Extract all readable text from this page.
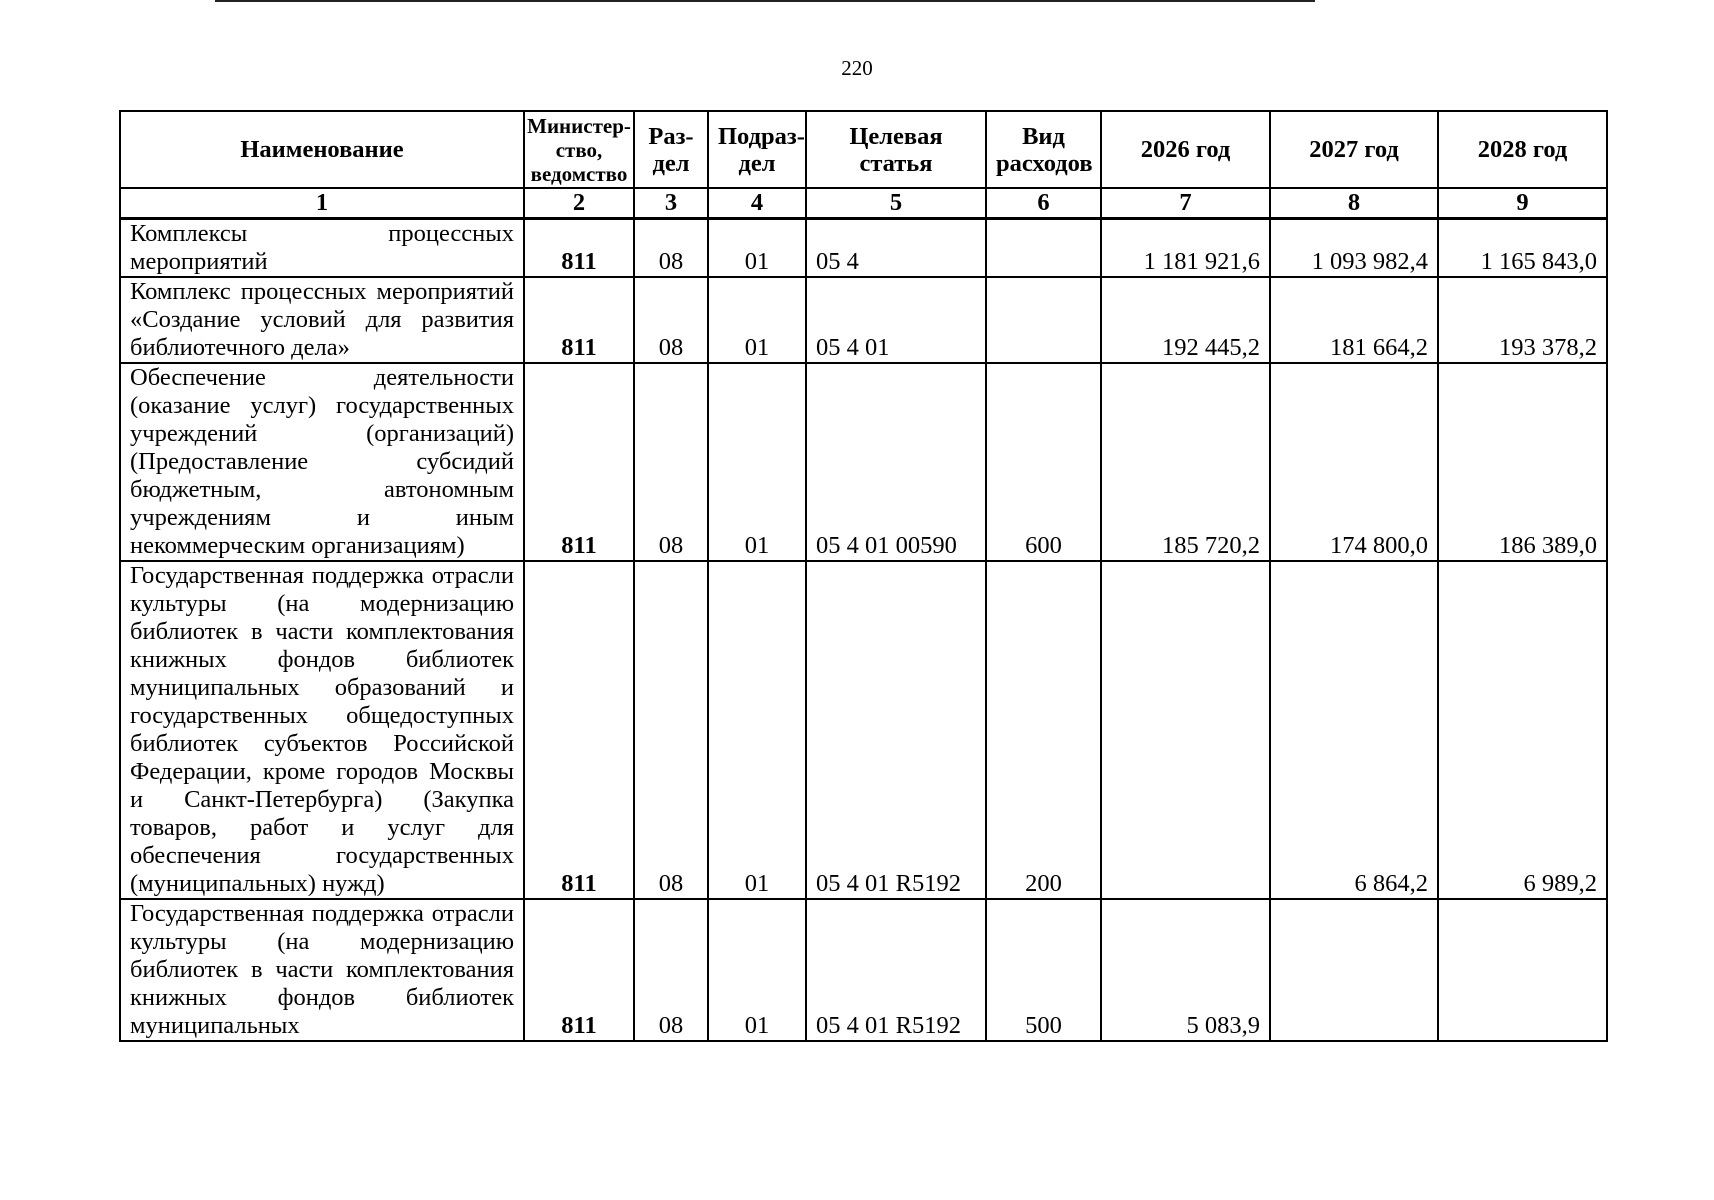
220
Наименование	Министер-ство, ведомство	Раз-дел	Подраз-дел	Целевая статья	Вид расходов	2026 год	2027 год	2028 год
1	2	3	4	5	6	7	8	9
Комплексы процессных мероприятий	811	08	01	05 4		1 181 921,6	1 093 982,4	1 165 843,0
Комплекс процессных мероприятий «Создание условий для развития библиотечного дела»	811	08	01	05 4 01		192 445,2	181 664,2	193 378,2
Обеспечение деятельности (оказание услуг) государственных учреждений (организаций) (Предоставление субсидий бюджетным, автономным учреждениям и иным некоммерческим организациям)	811	08	01	05 4 01 00590	600	185 720,2	174 800,0	186 389,0
Государственная поддержка отрасли культуры (на модернизацию библиотек в части комплектования книжных фондов библиотек муниципальных образований и государственных общедоступных библиотек субъектов Российской Федерации, кроме городов Москвы и Санкт-Петербурга) (Закупка товаров, работ и услуг для обеспечения государственных (муниципальных) нужд)	811	08	01	05 4 01 R5192	200		6 864,2	6 989,2
Государственная поддержка отрасли культуры (на модернизацию библиотек в части комплектования книжных фондов библиотек муниципальных	811	08	01	05 4 01 R5192	500	5 083,9		
